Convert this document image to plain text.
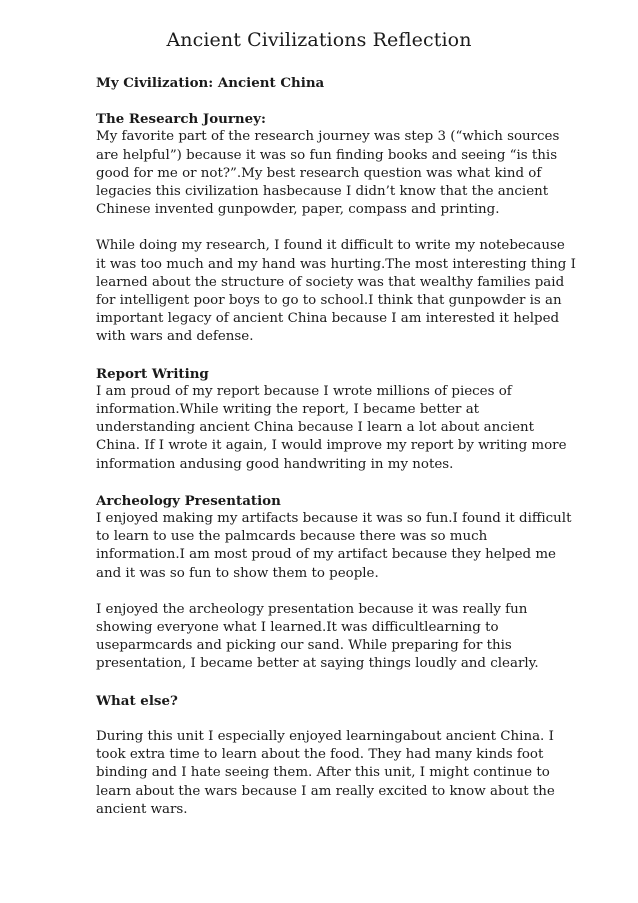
Ancient Civilizations Reflection

My Civilization: Ancient China

The Research Journey:

My favorite part of the research journey was step 3 (“which sources are helpful”) because it was so fun finding books and seeing “is this good for me or not?”.My best research question was what kind of legacies this civilization hasbecause I didn’t know that the ancient Chinese invented gunpowder, paper, compass and printing.

While doing my research, I found it difficult to write my notebecause it was too much and my hand was hurting.The most interesting thing I learned about the structure of society was that wealthy families paid for intelligent poor boys to go to school.I think that gunpowder is an important legacy of ancient China because I am interested it helped with wars and defense.

Report Writing

I am proud of my report because I wrote millions of pieces of information.While writing the report, I became better at understanding ancient China because I learn a lot about ancient China. If I wrote it again, I would improve my report by writing more information andusing good handwriting in my notes.

Archeology Presentation

I enjoyed making my artifacts because it was so fun.I found it difficult to learn to use the palmcards because there was so much information.I am most proud of my artifact because they helped me and it was so fun to show them to people.

I enjoyed the archeology presentation because it was really fun showing everyone what I learned.It was difficultlearning to useparmcards and picking our sand. While preparing for this presentation, I became better at saying things loudly and clearly.

What else?

During this unit I especially enjoyed learningabout ancient China. I took extra time to learn about the food. They had many kinds foot binding and I hate seeing them. After this unit, I might continue to learn about the wars because I am really excited to know about the ancient wars.
